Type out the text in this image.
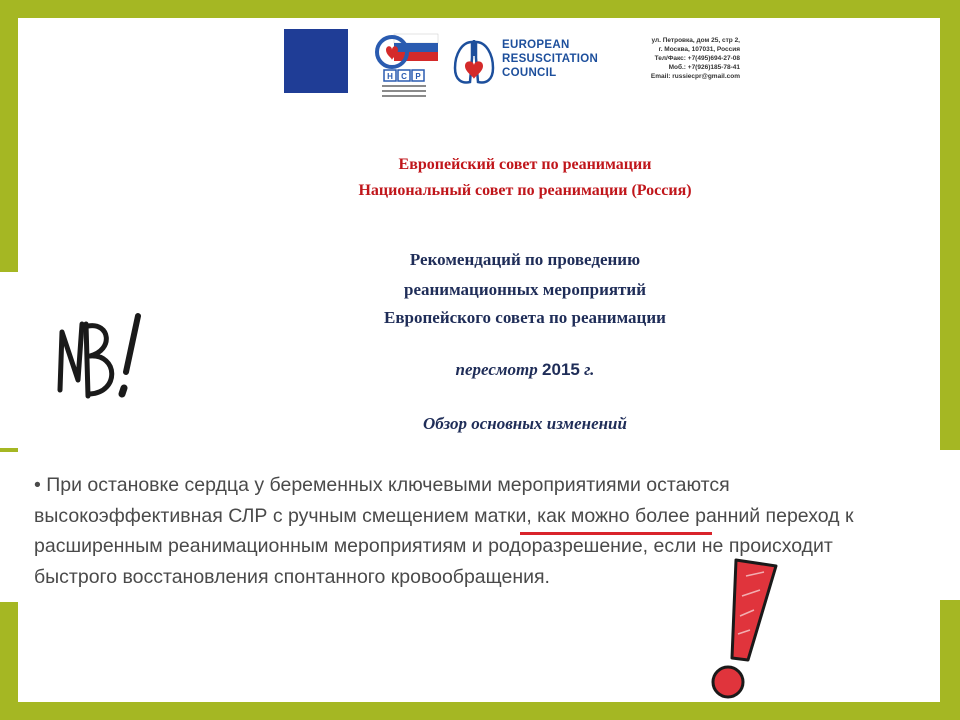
Н С Р
EUROPEAN
RESUSCITATION
COUNCIL
ул. Петровка, дом 25, стр 2,
г. Москва, 107031, Россия
Тел/Факс: +7(495)694-27-08
Моб.: +7(926)185-78-41
Email: russiecpr@gmail.com
Европейский совет по реанимации
Национальный совет по реанимации (Россия)
Рекомендаций по проведению
реанимационных мероприятий
Европейского совета по реанимации
пересмотр 2015 г.
Обзор основных изменений
• При остановке сердца у беременных ключевыми мероприятиями остаются
высокоэффективная СЛР с ручным смещением матки, как можно более ранний переход к
расширенным реанимационным мероприятиям и родоразрешение, если не происходит
быстрого восстановления спонтанного кровообращения.
